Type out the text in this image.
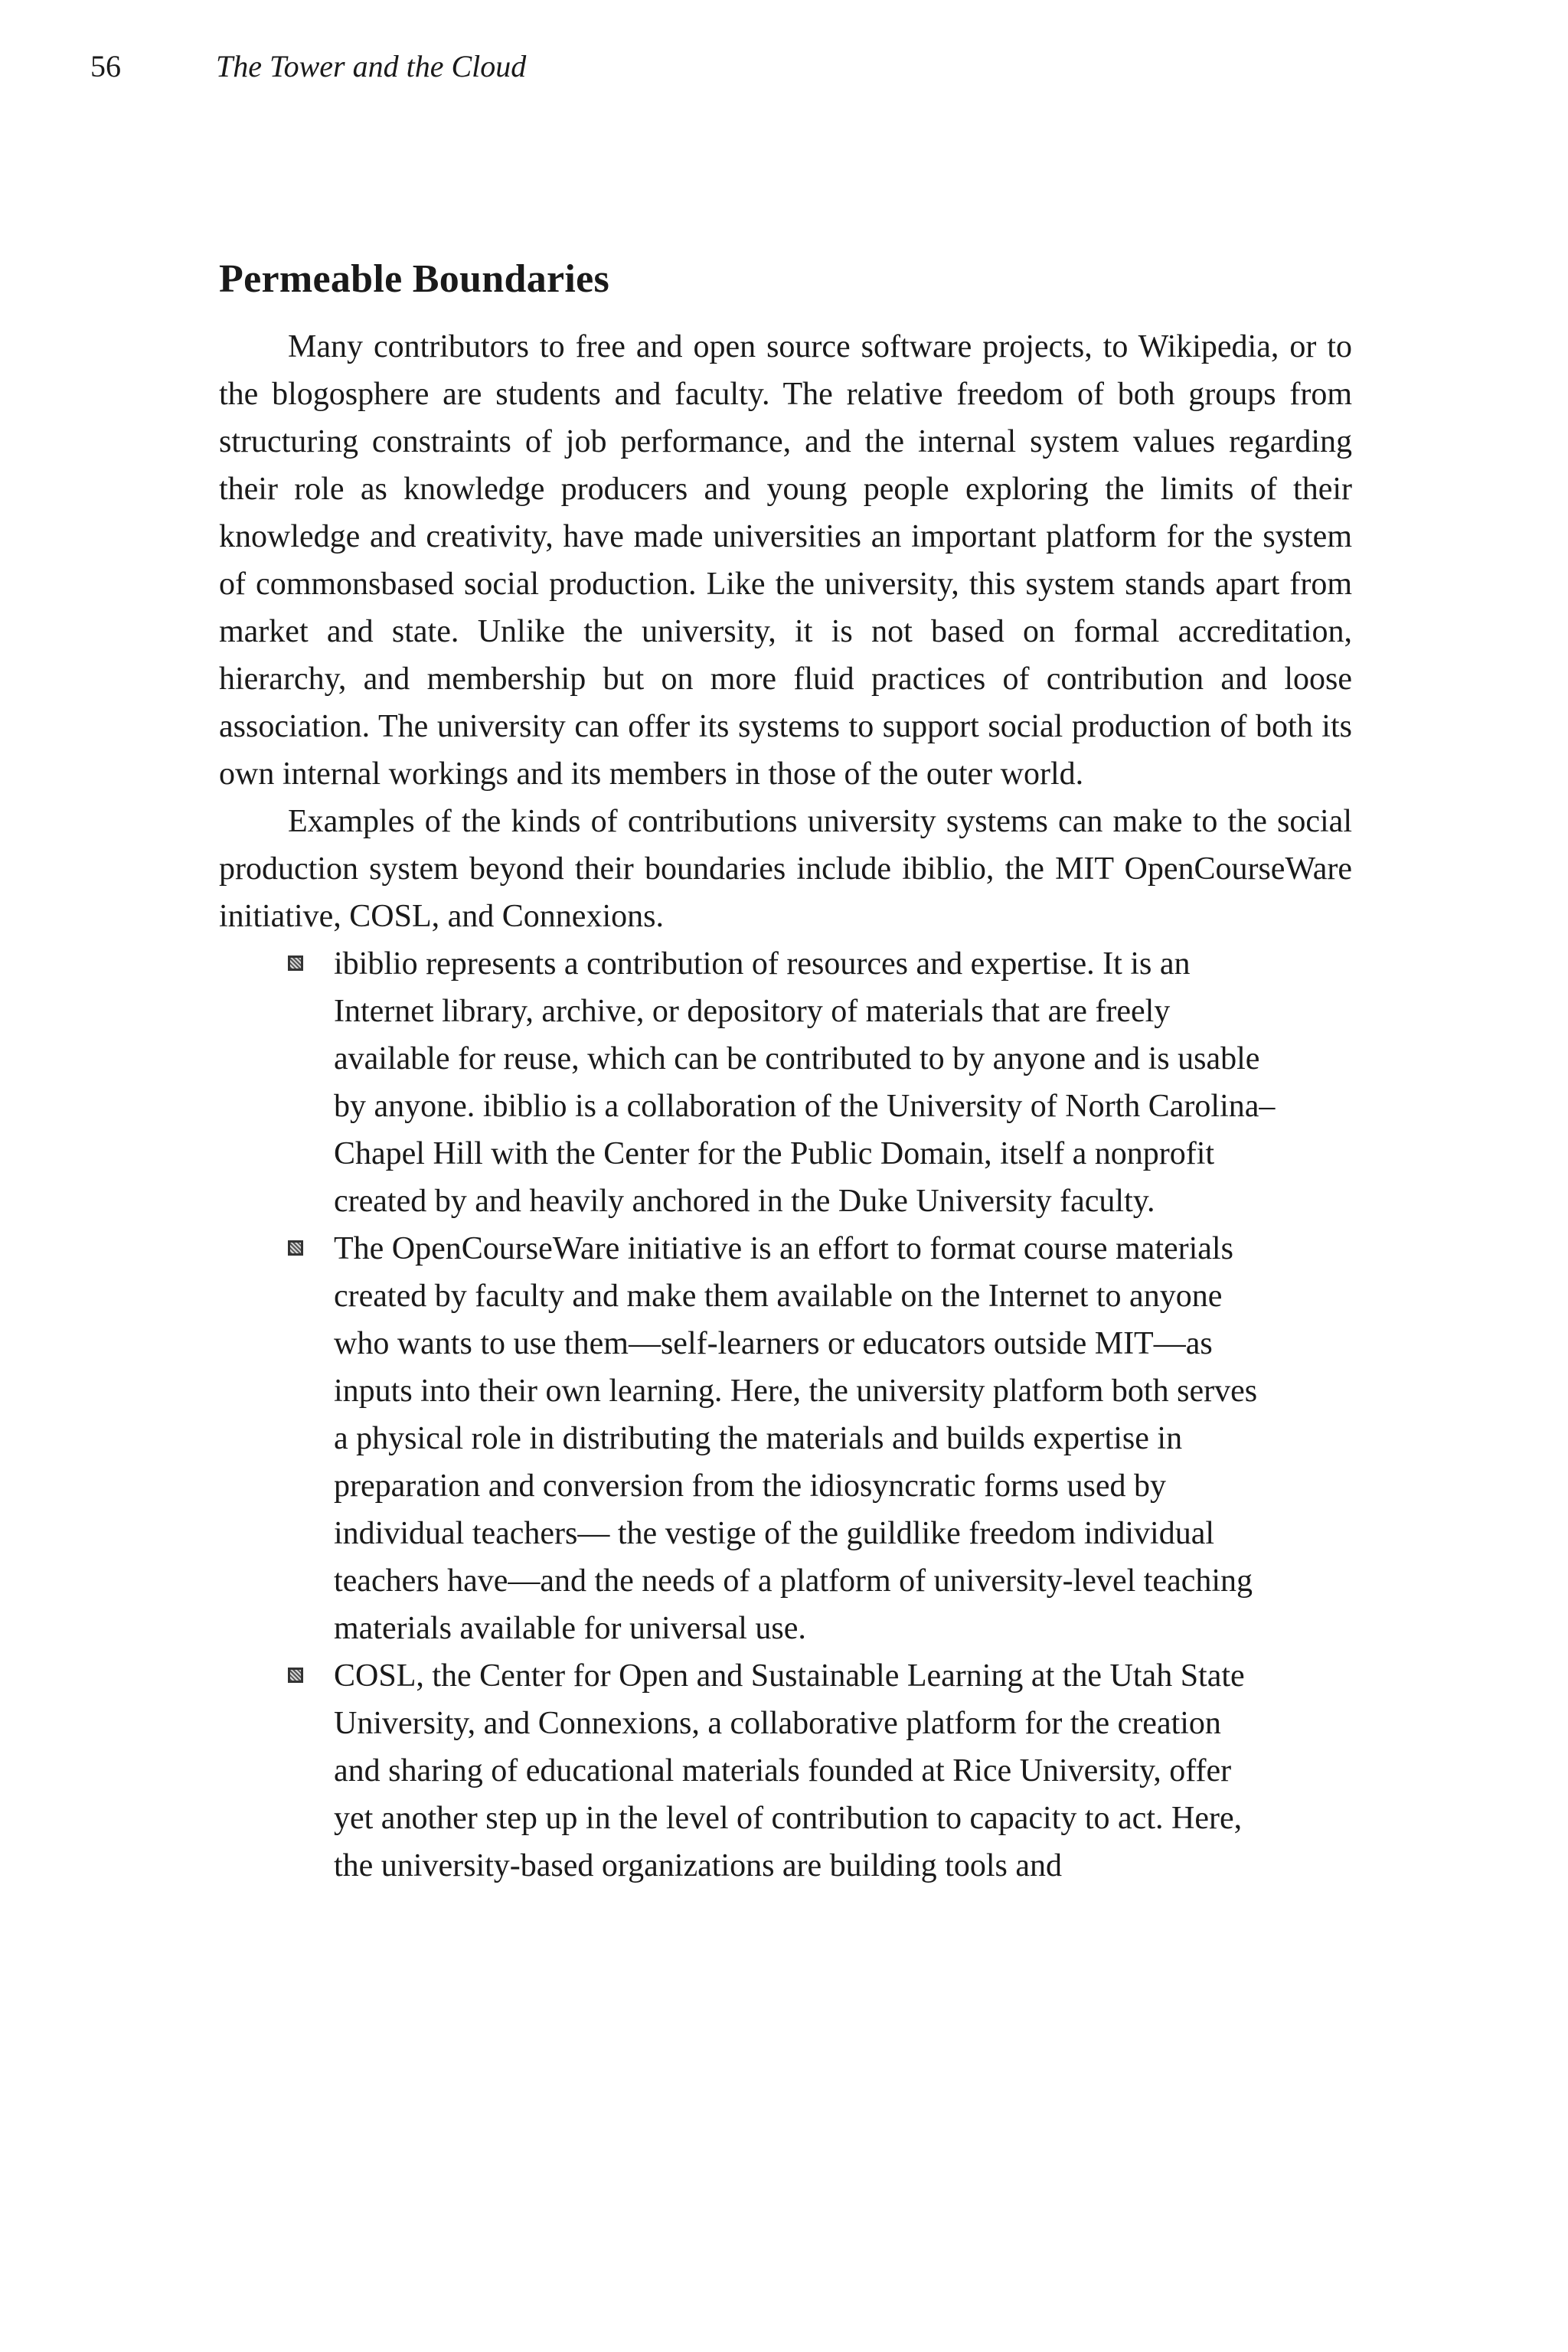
56	The Tower and the Cloud
Permeable Boundaries

Many contributors to free and open source software projects, to Wikipedia, or to the blogosphere are students and faculty. The relative freedom of both groups from structuring constraints of job performance, and the internal system values regarding their role as knowledge producers and young people exploring the limits of their knowledge and creativity, have made universities an important platform for the system of commonsbased social production. Like the university, this system stands apart from market and state. Unlike the university, it is not based on formal accreditation, hierarchy, and membership but on more fluid practices of contribution and loose association. The university can offer its systems to support social production of both its own internal workings and its members in those of the outer world.

Examples of the kinds of contributions university systems can make to the social production system beyond their boundaries include ibiblio, the MIT OpenCourseWare initiative, COSL, and Connexions.

ibiblio represents a contribution of resources and expertise. It is an Internet library, archive, or depository of materials that are freely available for reuse, which can be contributed to by anyone and is usable by anyone. ibiblio is a collaboration of the University of North Carolina–Chapel Hill with the Center for the Public Domain, itself a nonprofit created by and heavily anchored in the Duke University faculty.
The OpenCourseWare initiative is an effort to format course materials created by faculty and make them available on the Internet to anyone who wants to use them—self-learners or educators outside MIT—as inputs into their own learning. Here, the university platform both serves a physical role in distributing the materials and builds expertise in preparation and conversion from the idiosyncratic forms used by individual teachers— the vestige of the guildlike freedom individual teachers have—and the needs of a platform of university-level teaching materials available for universal use.
COSL, the Center for Open and Sustainable Learning at the Utah State University, and Connexions, a collaborative platform for the creation and sharing of educational materials founded at Rice University, offer yet another step up in the level of contribution to capacity to act. Here, the university-based organizations are building tools and
